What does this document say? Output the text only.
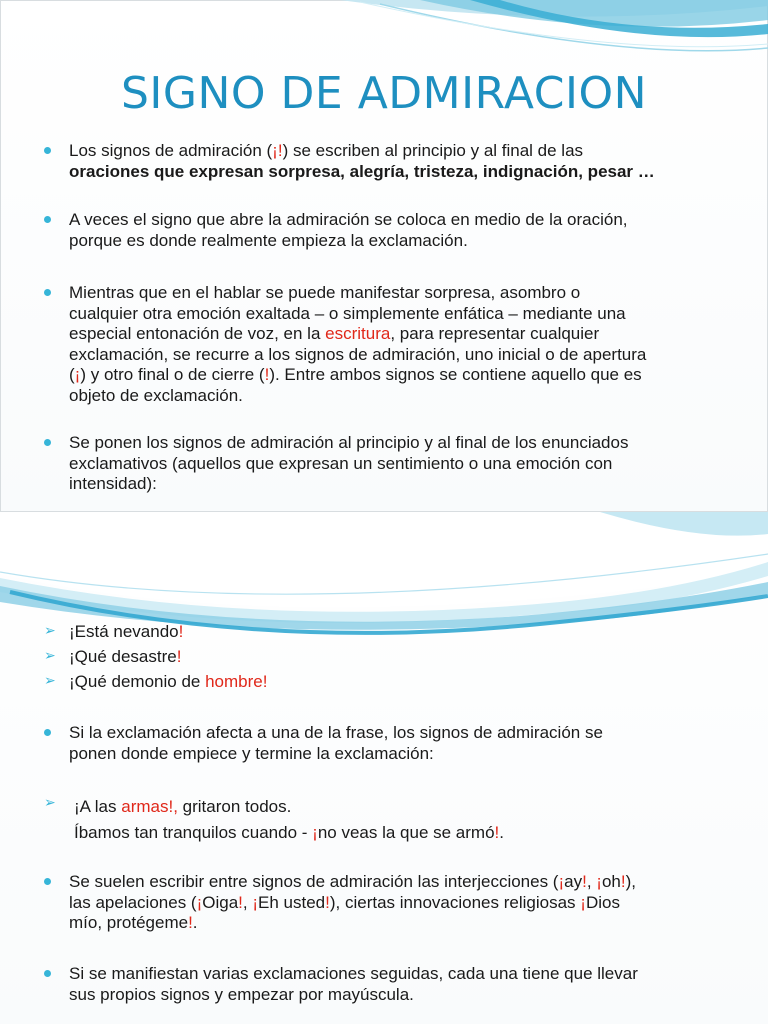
SIGNO DE ADMIRACION
Los signos de admiración (¡!) se escriben al principio y al final de las
oraciones que expresan sorpresa, alegría, tristeza, indignación, pesar …
A veces el signo que abre la admiración se coloca en medio de la oración,
porque es donde realmente empieza la exclamación.
Mientras que en el hablar se puede manifestar sorpresa, asombro o
cualquier otra emoción exaltada – o simplemente enfática – mediante una
especial entonación de voz, en la escritura, para representar cualquier
exclamación, se recurre a los signos de admiración, uno inicial o de apertura
(¡) y otro final o de cierre (!). Entre ambos signos se contiene aquello que es
objeto de exclamación.
Se ponen los signos de admiración al principio y al final de los enunciados
exclamativos (aquellos que expresan un sentimiento o una emoción con
intensidad):
➢ ¡Está nevando!
➢ ¡Qué desastre!
➢ ¡Qué demonio de hombre!
Si la exclamación afecta a una de la frase, los signos de admiración se
ponen donde empiece y termine la exclamación:
➢ ¡A las armas!, gritaron todos.
Íbamos tan tranquilos cuando - ¡no veas la que se armó!.
Se suelen escribir entre signos de admiración las interjecciones (¡ay!, ¡oh!),
las apelaciones (¡Oiga!, ¡Eh usted!), ciertas innovaciones religiosas ¡Dios
mío, protégeme!.
Si se manifiestan varias exclamaciones seguidas, cada una tiene que llevar
sus propios signos y empezar por mayúscula.
